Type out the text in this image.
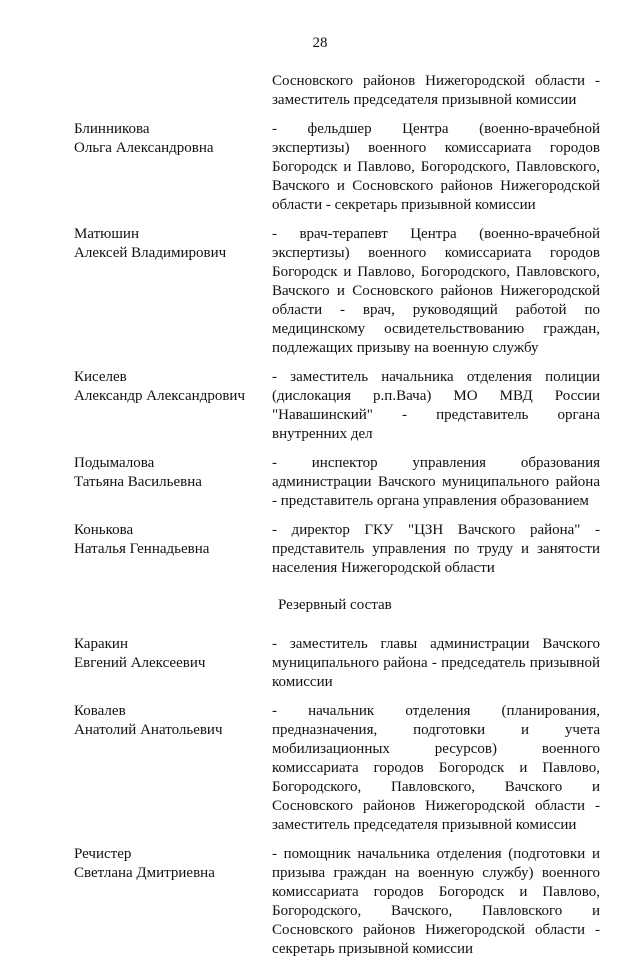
28
Сосновского районов Нижегородской области - заместитель председателя призывной комиссии
Блинникова
Ольга Александровна
- фельдшер Центра (военно-врачебной экспертизы) военного комиссариата городов Богородск и Павлово, Богородского, Павловского, Вачского и Сосновского районов Нижегородской области - секретарь призывной комиссии
Матюшин
Алексей Владимирович
- врач-терапевт Центра (военно-врачебной экспертизы) военного комиссариата городов Богородск и Павлово, Богородского, Павловского, Вачского и Сосновского районов Нижегородской области - врач, руководящий работой по медицинскому освидетельствованию граждан, подлежащих призыву на военную службу
Киселев
Александр Александрович
- заместитель начальника отделения полиции (дислокация р.п.Вача) МО МВД России "Навашинский" - представитель органа внутренних дел
Подымалова
Татьяна Васильевна
- инспектор управления образования администрации Вачского муниципального района - представитель органа управления образованием
Конькова
Наталья Геннадьевна
- директор ГКУ "ЦЗН Вачского района" - представитель управления по труду и занятости населения Нижегородской области
Резервный состав
Каракин
Евгений Алексеевич
- заместитель главы администрации Вачского муниципального района - председатель призывной комиссии
Ковалев
Анатолий Анатольевич
- начальник отделения (планирования, предназначения, подготовки и учета мобилизационных ресурсов) военного комиссариата городов Богородск и Павлово, Богородского, Павловского, Вачского и Сосновского районов Нижегородской области - заместитель председателя призывной комиссии
Речистер
Светлана Дмитриевна
- помощник начальника отделения (подготовки и призыва граждан на военную службу) военного комиссариата городов Богородск и Павлово, Богородского, Вачского, Павловского и Сосновского районов Нижегородской области - секретарь призывной комиссии
